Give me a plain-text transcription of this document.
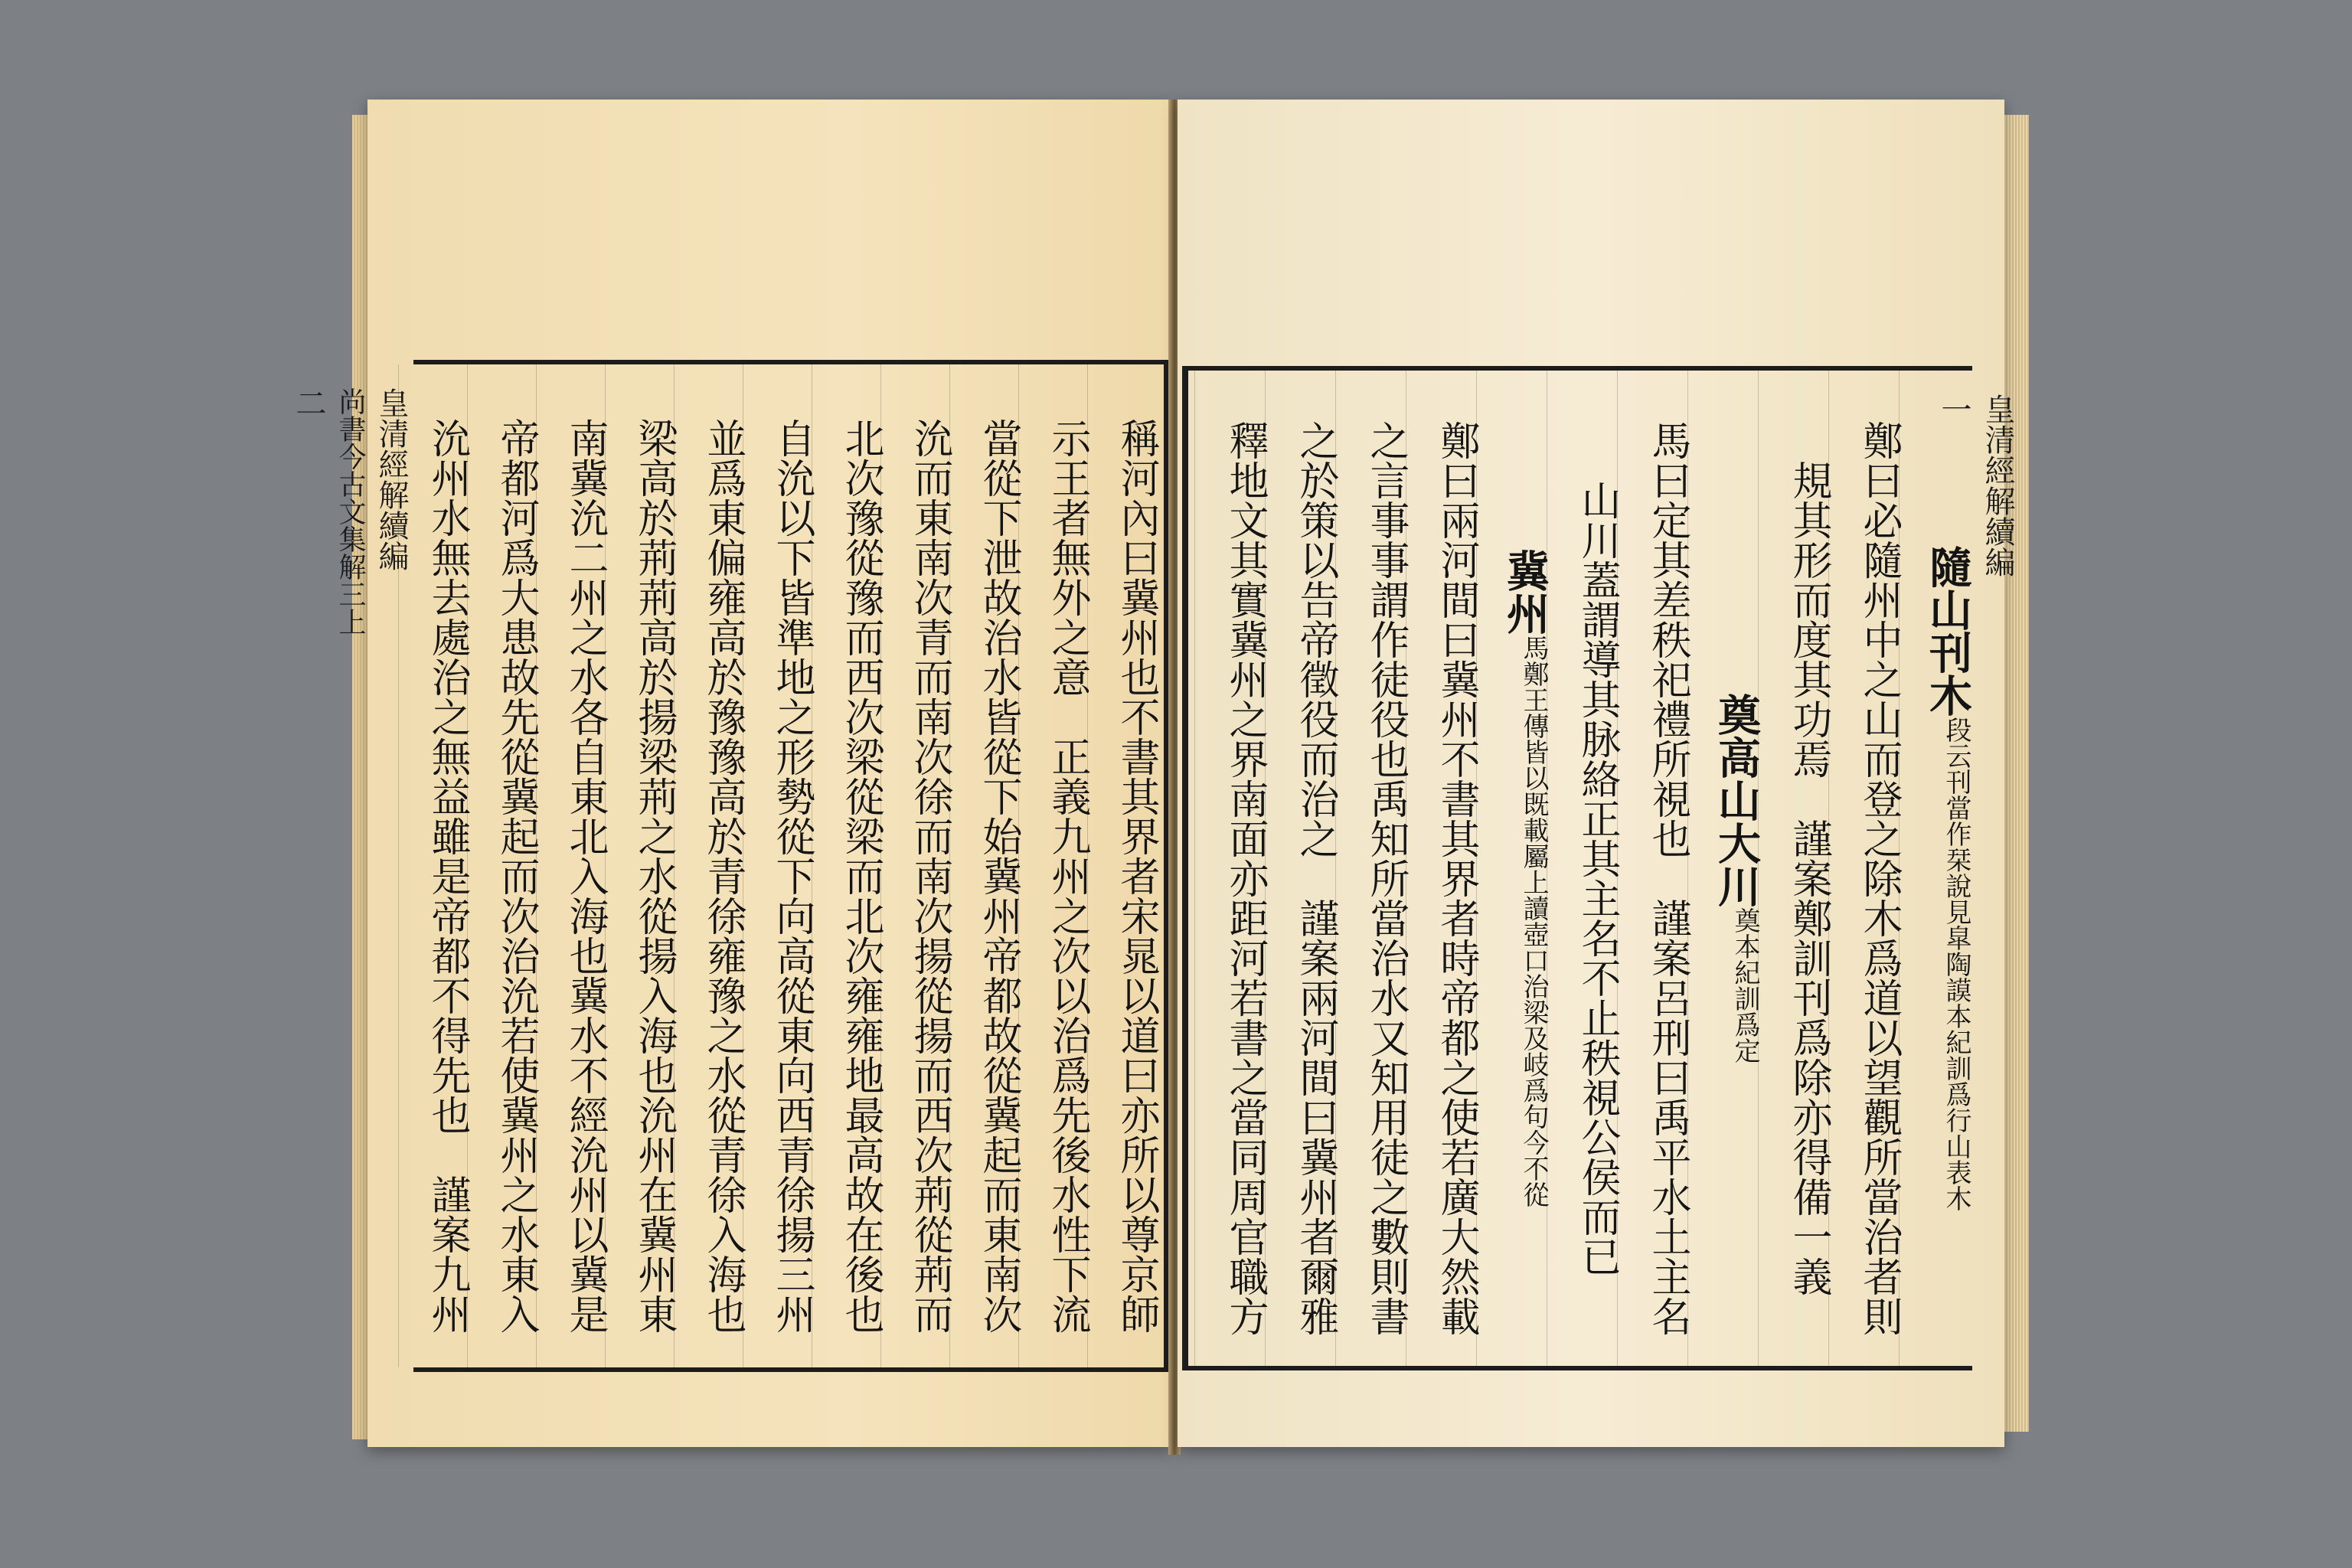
皇清經解續編
尚書今古文集解三上
二
稱河內曰冀州也不書其界者宋晁以道曰亦所以尊京師
示王者無外之意　正義九州之次以治爲先後水性下流
當從下泄故治水皆從下始冀州帝都故從冀起而東南次
沇而東南次青而南次徐而南次揚從揚而西次荊從荊而
北次豫從豫而西次梁從梁而北次雍雍地最高故在後也
自沇以下皆準地之形勢從下向高從東向西青徐揚三州
並爲東偏雍高於豫豫高於青徐雍豫之水從青徐入海也
梁高於荊荊高於揚梁荊之水從揚入海也沇州在冀州東
南冀沇二州之水各自東北入海也冀水不經沇州以冀是
帝都河爲大患故先從冀起而次治沇若使冀州之水東入
沇州水無去處治之無益雖是帝都不得先也　謹案九州	皇清經解續編
一
隨山刊木
段云刊當作栞說見皐陶謨本紀訓爲行山表木
鄭曰必隨州中之山而登之除木爲道以望觀所當治者則
規其形而度其功焉　謹案鄭訓刊爲除亦得備一義
奠高山大川
奠本紀訓爲定
馬曰定其差秩祀禮所視也　謹案呂刑曰禹平水土主名
山川蓋謂導其脉絡正其主名不止秩視公侯而已
冀州
馬鄭王傳皆以既載屬上讀壺口治梁及岐爲句今不從
鄭曰兩河間曰冀州不書其界者時帝都之使若廣大然載
之言事事謂作徒役也禹知所當治水又知用徒之數則書
之於策以告帝徵役而治之　謹案兩河間曰冀州者爾雅
釋地文其實冀州之界南面亦距河若書之當同周官職方
